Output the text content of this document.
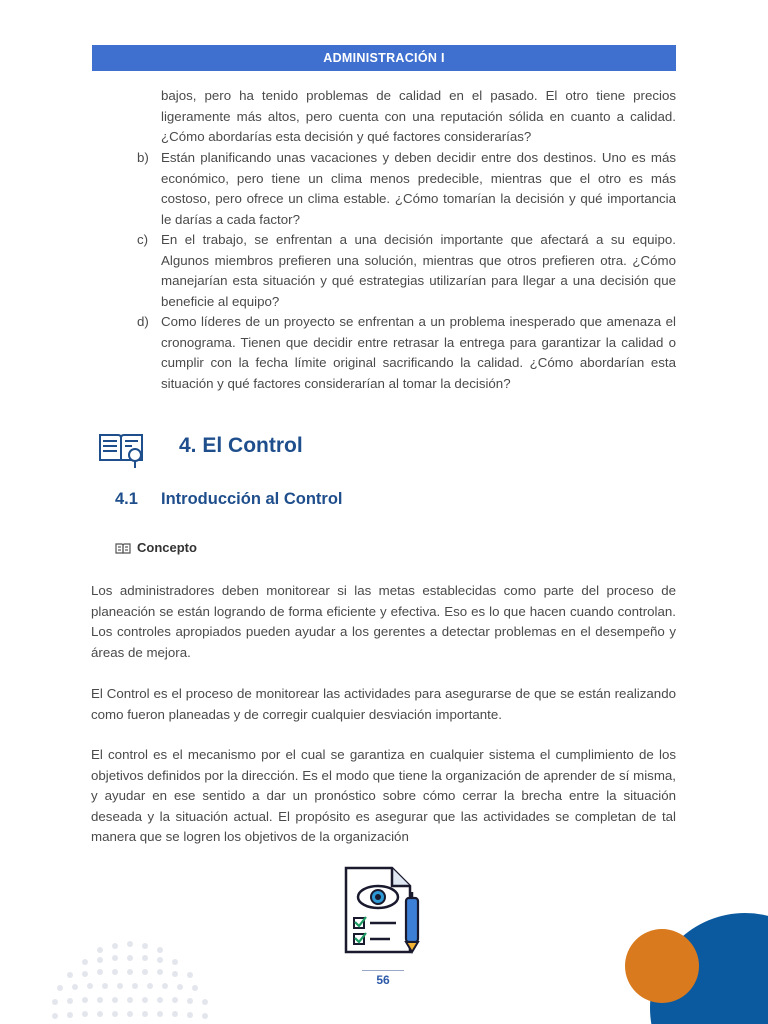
ADMINISTRACIÓN I
bajos, pero ha tenido problemas de calidad en el pasado. El otro tiene precios ligeramente más altos, pero cuenta con una reputación sólida en cuanto a calidad. ¿Cómo abordarías esta decisión y qué factores considerarías?
b) Están planificando unas vacaciones y deben decidir entre dos destinos. Uno es más económico, pero tiene un clima menos predecible, mientras que el otro es más costoso, pero ofrece un clima estable. ¿Cómo tomarían la decisión y qué importancia le darías a cada factor?
c) En el trabajo, se enfrentan a una decisión importante que afectará a su equipo. Algunos miembros prefieren una solución, mientras que otros prefieren otra. ¿Cómo manejarían esta situación y qué estrategias utilizarían para llegar a una decisión que beneficie al equipo?
d) Como líderes de un proyecto se enfrentan a un problema inesperado que amenaza el cronograma. Tienen que decidir entre retrasar la entrega para garantizar la calidad o cumplir con la fecha límite original sacrificando la calidad. ¿Cómo abordarían esta situación y qué factores considerarían al tomar la decisión?
4. El Control
4.1 Introducción al Control
Concepto
Los administradores deben monitorear si las metas establecidas como parte del proceso de planeación se están logrando de forma eficiente y efectiva. Eso es lo que hacen cuando controlan. Los controles apropiados pueden ayudar a los gerentes a detectar problemas en el desempeño y áreas de mejora.
El Control es el proceso de monitorear las actividades para asegurarse de que se están realizando como fueron planeadas y de corregir cualquier desviación importante.
El control es el mecanismo por el cual se garantiza en cualquier sistema el cumplimiento de los objetivos definidos por la dirección. Es el modo que tiene la organización de aprender de sí misma, y ayudar en ese sentido a dar un pronóstico sobre cómo cerrar la brecha entre la situación deseada y la situación actual. El propósito es asegurar que las actividades se completan de tal manera que se logren los objetivos de la organización
56
